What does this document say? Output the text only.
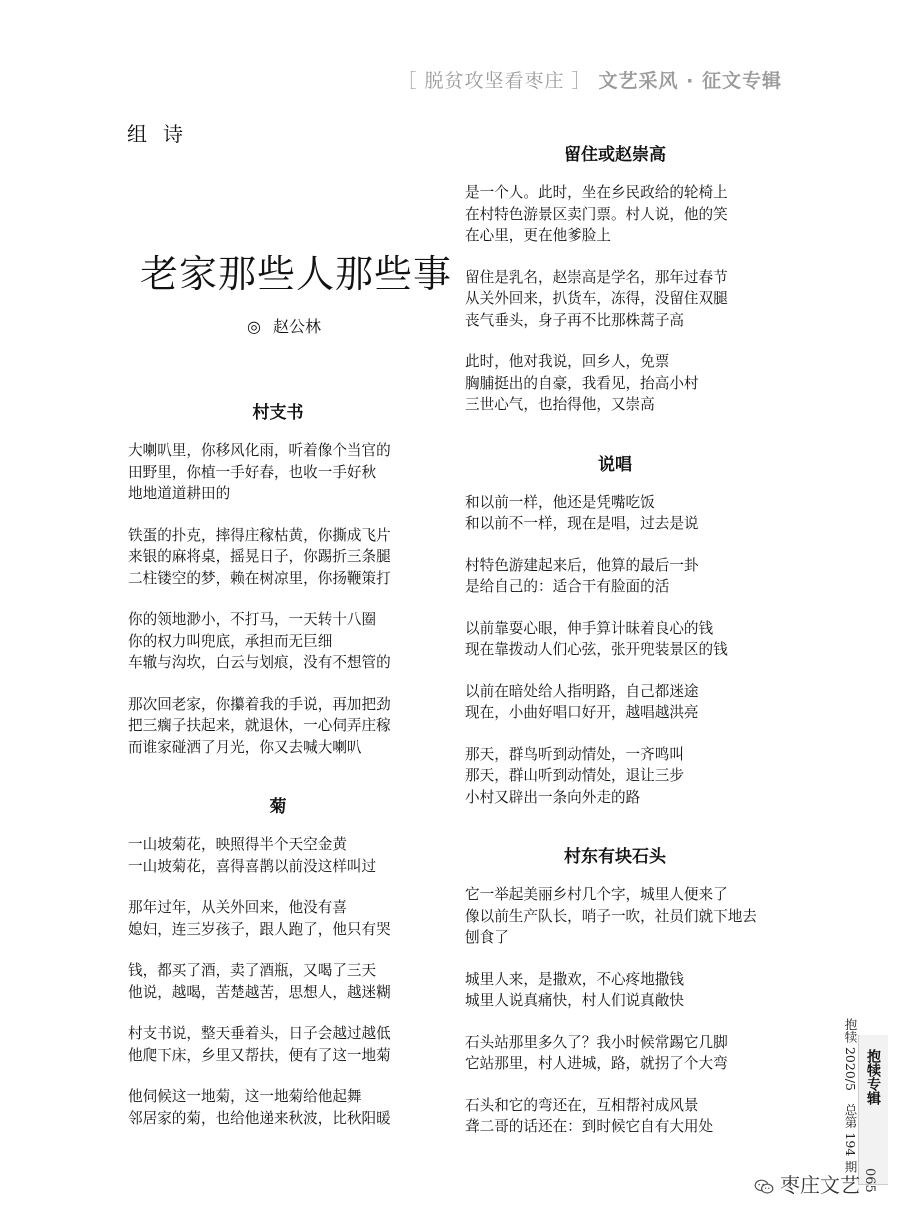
［ 脱贫攻坚看枣庄 ］ 文艺采风 · 征文专辑
组诗
老家那些人那些事
◎ 赵公林
村支书
大喇叭里，你移风化雨，听着像个当官的
田野里，你植一手好春，也收一手好秋
地地道道耕田的
铁蛋的扑克，摔得庄稼枯黄，你撕成飞片
来银的麻将桌，摇晃日子，你踢折三条腿
二柱镂空的梦，赖在树凉里，你扬鞭策打
你的领地渺小，不打马，一天转十八圈
你的权力叫兜底，承担而无巨细
车辙与沟坎，白云与划痕，没有不想管的
那次回老家，你攥着我的手说，再加把劲
把三瘸子扶起来，就退休，一心伺弄庄稼
而谁家碰洒了月光，你又去喊大喇叭
菊
一山坡菊花，映照得半个天空金黄
一山坡菊花，喜得喜鹊以前没这样叫过
那年过年，从关外回来，他没有喜
媳妇，连三岁孩子，跟人跑了，他只有哭
钱，都买了酒，卖了酒瓶，又喝了三天
他说，越喝，苦楚越苦，思想人，越迷糊
村支书说，整天垂着头，日子会越过越低
他爬下床，乡里又帮扶，便有了这一地菊
他伺候这一地菊，这一地菊给他起舞
邻居家的菊，也给他递来秋波，比秋阳暖
留住或赵崇高
是一个人。此时，坐在乡民政给的轮椅上
在村特色游景区卖门票。村人说，他的笑
在心里，更在他爹脸上
留住是乳名，赵崇高是学名，那年过春节
从关外回来，扒货车，冻得，没留住双腿
丧气垂头，身子再不比那株蒿子高
此时，他对我说，回乡人，免票
胸脯挺出的自豪，我看见，抬高小村
三世心气，也抬得他，又崇高
说唱
和以前一样，他还是凭嘴吃饭
和以前不一样，现在是唱，过去是说
村特色游建起来后，他算的最后一卦
是给自己的：适合干有脸面的活
以前靠耍心眼，伸手算计昧着良心的钱
现在靠拨动人们心弦，张开兜装景区的钱
以前在暗处给人指明路，自己都迷途
现在，小曲好唱口好开，越唱越洪亮
那天，群鸟听到动情处，一齐鸣叫
那天，群山听到动情处，退让三步
小村又辟出一条向外走的路
村东有块石头
它一举起美丽乡村几个字，城里人便来了
像以前生产队长，哨子一吹，社员们就下地去
刨食了
城里人来，是撒欢，不心疼地撒钱
城里人说真痛快，村人们说真敞快
石头站那里多久了？我小时候常踢它几脚
它站那里，村人进城，路，就拐了个大弯
石头和它的弯还在，互相帮衬成风景
聋二哥的话还在：到时候它自有大用处	抱犊 2020/5　总第 194 期 抱犊专辑
枣庄文艺 065
